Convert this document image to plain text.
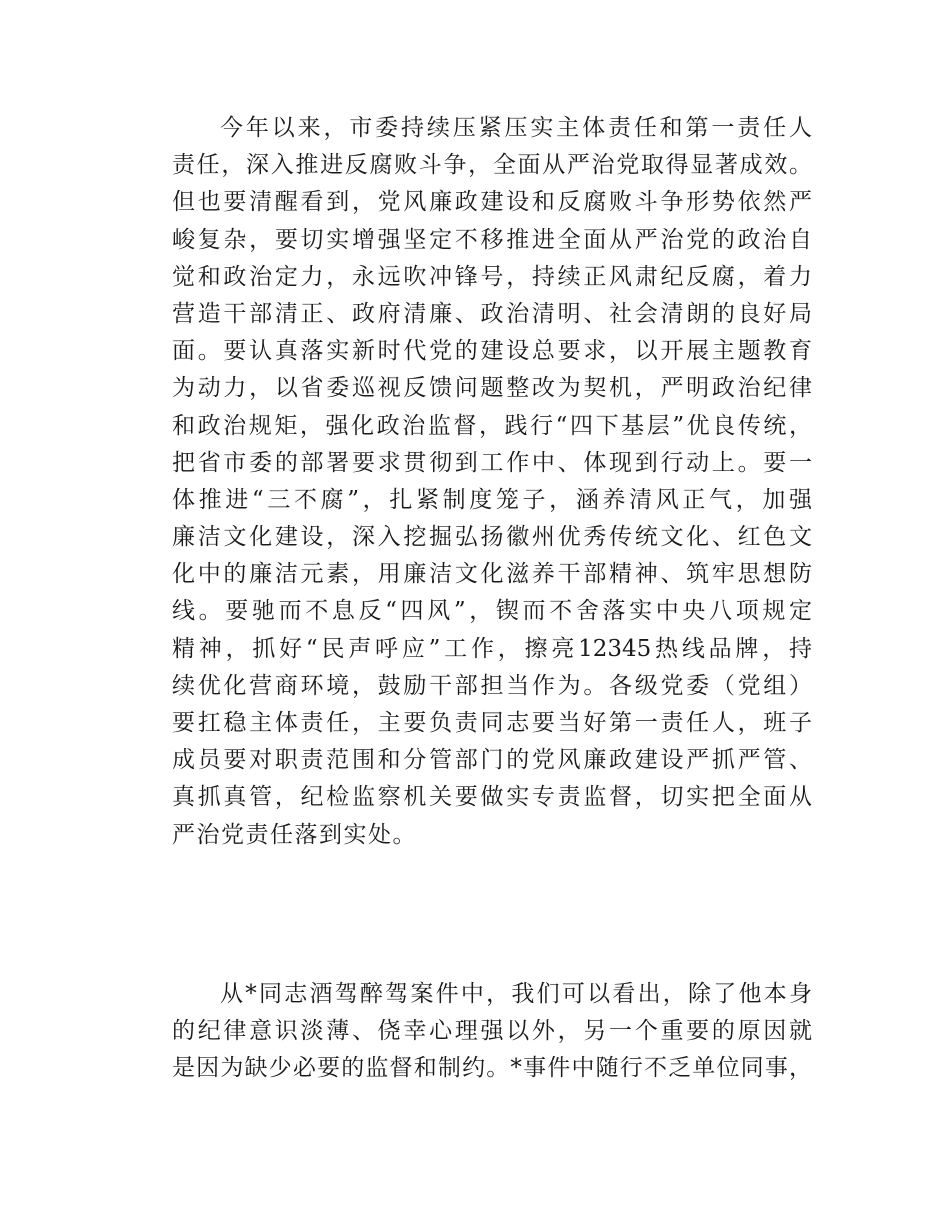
今年以来，市委持续压紧压实主体责任和第一责任人
责任，深入推进反腐败斗争，全面从严治党取得显著成效。
但也要清醒看到，党风廉政建设和反腐败斗争形势依然严
峻复杂，要切实增强坚定不移推进全面从严治党的政治自
觉和政治定力，永远吹冲锋号，持续正风肃纪反腐，着力
营造干部清正、政府清廉、政治清明、社会清朗的良好局
面。要认真落实新时代党的建设总要求，以开展主题教育
为动力，以省委巡视反馈问题整改为契机，严明政治纪律
和政治规矩，强化政治监督，践行“四下基层”优良传统，
把省市委的部署要求贯彻到工作中、体现到行动上。要一
体推进“三不腐”，扎紧制度笼子，涵养清风正气，加强
廉洁文化建设，深入挖掘弘扬徽州优秀传统文化、红色文
化中的廉洁元素，用廉洁文化滋养干部精神、筑牢思想防
线。要驰而不息反“四风”，锲而不舍落实中央八项规定
精神，抓好“民声呼应”工作，擦亮12345热线品牌，持
续优化营商环境，鼓励干部担当作为。各级党委（党组）
要扛稳主体责任，主要负责同志要当好第一责任人，班子
成员要对职责范围和分管部门的党风廉政建设严抓严管、
真抓真管，纪检监察机关要做实专责监督，切实把全面从
严治党责任落到实处。
从*同志酒驾醉驾案件中，我们可以看出，除了他本身
的纪律意识淡薄、侥幸心理强以外，另一个重要的原因就
是因为缺少必要的监督和制约。*事件中随行不乏单位同事，
